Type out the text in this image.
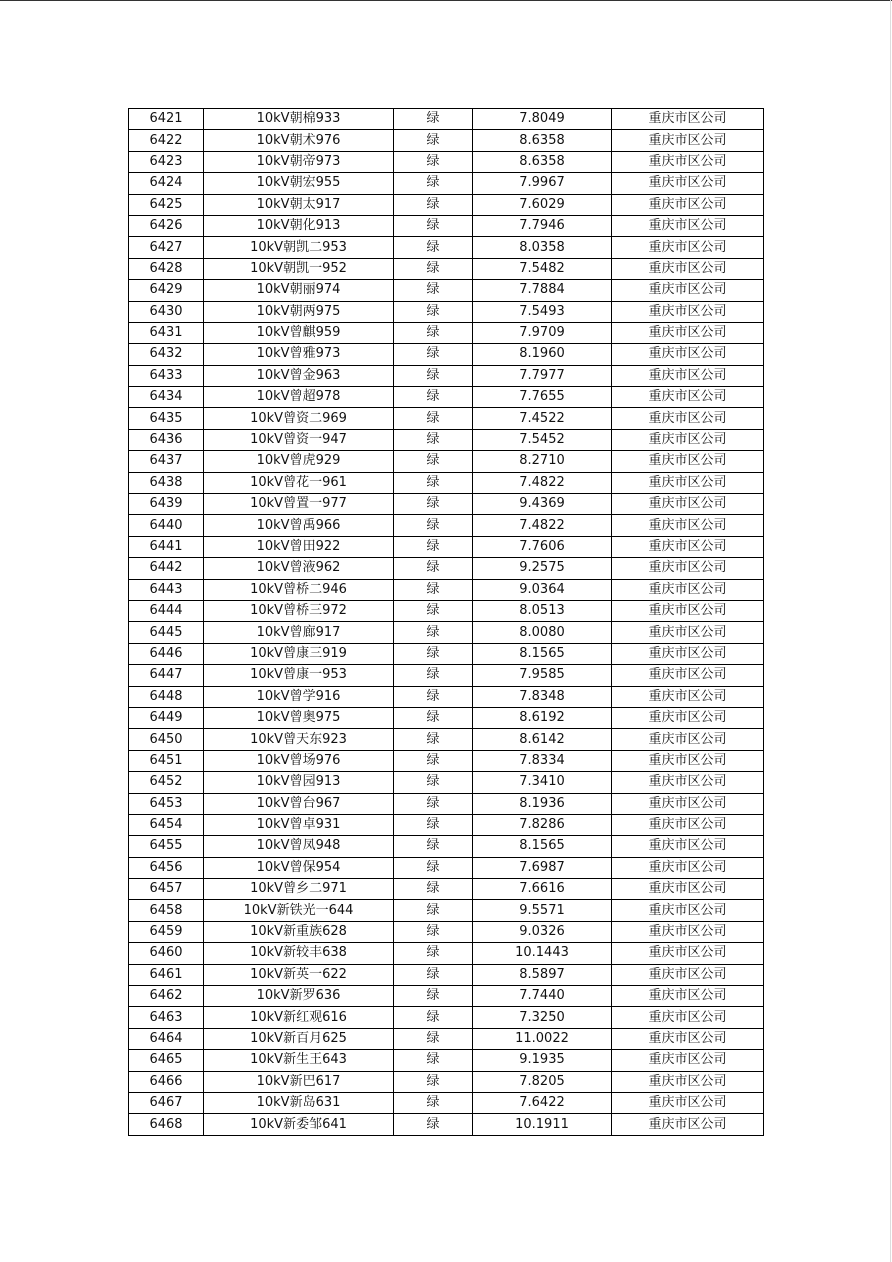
6421	10kV朝棉933	绿	7.8049	重庆市区公司
6422	10kV朝术976	绿	8.6358	重庆市区公司
6423	10kV朝帝973	绿	8.6358	重庆市区公司
6424	10kV朝宏955	绿	7.9967	重庆市区公司
6425	10kV朝太917	绿	7.6029	重庆市区公司
6426	10kV朝化913	绿	7.7946	重庆市区公司
6427	10kV朝凯二953	绿	8.0358	重庆市区公司
6428	10kV朝凯一952	绿	7.5482	重庆市区公司
6429	10kV朝丽974	绿	7.7884	重庆市区公司
6430	10kV朝两975	绿	7.5493	重庆市区公司
6431	10kV曾麒959	绿	7.9709	重庆市区公司
6432	10kV曾雅973	绿	8.1960	重庆市区公司
6433	10kV曾金963	绿	7.7977	重庆市区公司
6434	10kV曾超978	绿	7.7655	重庆市区公司
6435	10kV曾资二969	绿	7.4522	重庆市区公司
6436	10kV曾资一947	绿	7.5452	重庆市区公司
6437	10kV曾虎929	绿	8.2710	重庆市区公司
6438	10kV曾花一961	绿	7.4822	重庆市区公司
6439	10kV曾置一977	绿	9.4369	重庆市区公司
6440	10kV曾禹966	绿	7.4822	重庆市区公司
6441	10kV曾田922	绿	7.7606	重庆市区公司
6442	10kV曾液962	绿	9.2575	重庆市区公司
6443	10kV曾桥二946	绿	9.0364	重庆市区公司
6444	10kV曾桥三972	绿	8.0513	重庆市区公司
6445	10kV曾廊917	绿	8.0080	重庆市区公司
6446	10kV曾康三919	绿	8.1565	重庆市区公司
6447	10kV曾康一953	绿	7.9585	重庆市区公司
6448	10kV曾学916	绿	7.8348	重庆市区公司
6449	10kV曾奥975	绿	8.6192	重庆市区公司
6450	10kV曾天东923	绿	8.6142	重庆市区公司
6451	10kV曾场976	绿	7.8334	重庆市区公司
6452	10kV曾园913	绿	7.3410	重庆市区公司
6453	10kV曾台967	绿	8.1936	重庆市区公司
6454	10kV曾卓931	绿	7.8286	重庆市区公司
6455	10kV曾凤948	绿	8.1565	重庆市区公司
6456	10kV曾保954	绿	7.6987	重庆市区公司
6457	10kV曾乡二971	绿	7.6616	重庆市区公司
6458	10kV新铁光一644	绿	9.5571	重庆市区公司
6459	10kV新重族628	绿	9.0326	重庆市区公司
6460	10kV新较丰638	绿	10.1443	重庆市区公司
6461	10kV新英一622	绿	8.5897	重庆市区公司
6462	10kV新罗636	绿	7.7440	重庆市区公司
6463	10kV新红观616	绿	7.3250	重庆市区公司
6464	10kV新百月625	绿	11.0022	重庆市区公司
6465	10kV新生王643	绿	9.1935	重庆市区公司
6466	10kV新巴617	绿	7.8205	重庆市区公司
6467	10kV新岛631	绿	7.6422	重庆市区公司
6468	10kV新委邹641	绿	10.1911	重庆市区公司
